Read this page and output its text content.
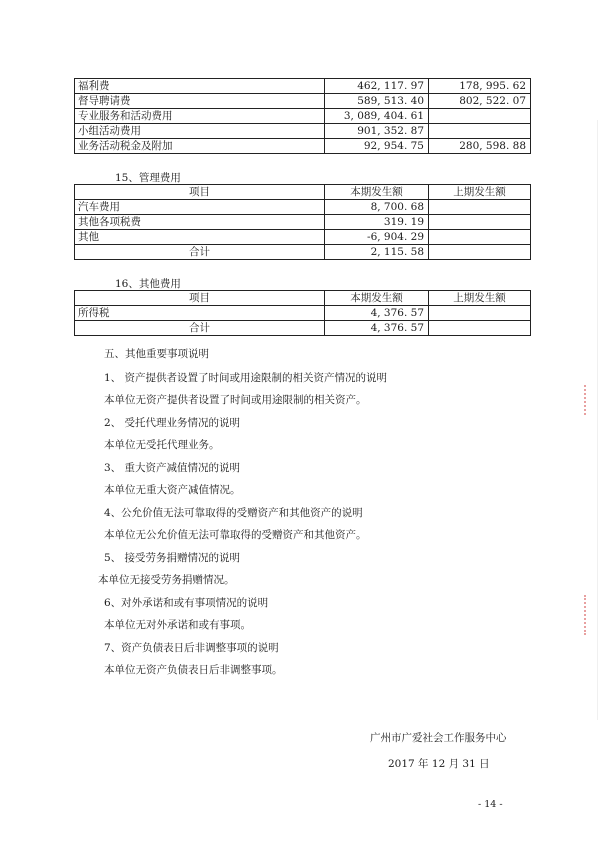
福利费	462, 117. 97	178, 995. 62
督导聘请费	589, 513. 40	802, 522. 07
专业服务和活动费用	3, 089, 404. 61	
小组活动费用	901, 352. 87	
业务活动税金及附加	92, 954. 75	280, 598. 88
15、管理费用
项目	本期发生额	上期发生额
汽车费用	8, 700. 68	
其他各项税费	319. 19	
其他	-6, 904. 29	
合计	2, 115. 58	
16、其他费用
项目	本期发生额	上期发生额
所得税	4, 376. 57	
合计	4, 376. 57	
五、其他重要事项说明
1、 资产提供者设置了时间或用途限制的相关资产情况的说明
本单位无资产提供者设置了时间或用途限制的相关资产。
2、 受托代理业务情况的说明
本单位无受托代理业务。
3、 重大资产减值情况的说明
本单位无重大资产减值情况。
4、公允价值无法可靠取得的受赠资产和其他资产的说明
本单位无公允价值无法可靠取得的受赠资产和其他资产。
5、 接受劳务捐赠情况的说明
本单位无接受劳务捐赠情况。
6、对外承诺和或有事项情况的说明
本单位无对外承诺和或有事项。
7、资产负债表日后非调整事项的说明
本单位无资产负债表日后非调整事项。
广州市广爱社会工作服务中心
2017 年 12 月 31 日
- 14 -
